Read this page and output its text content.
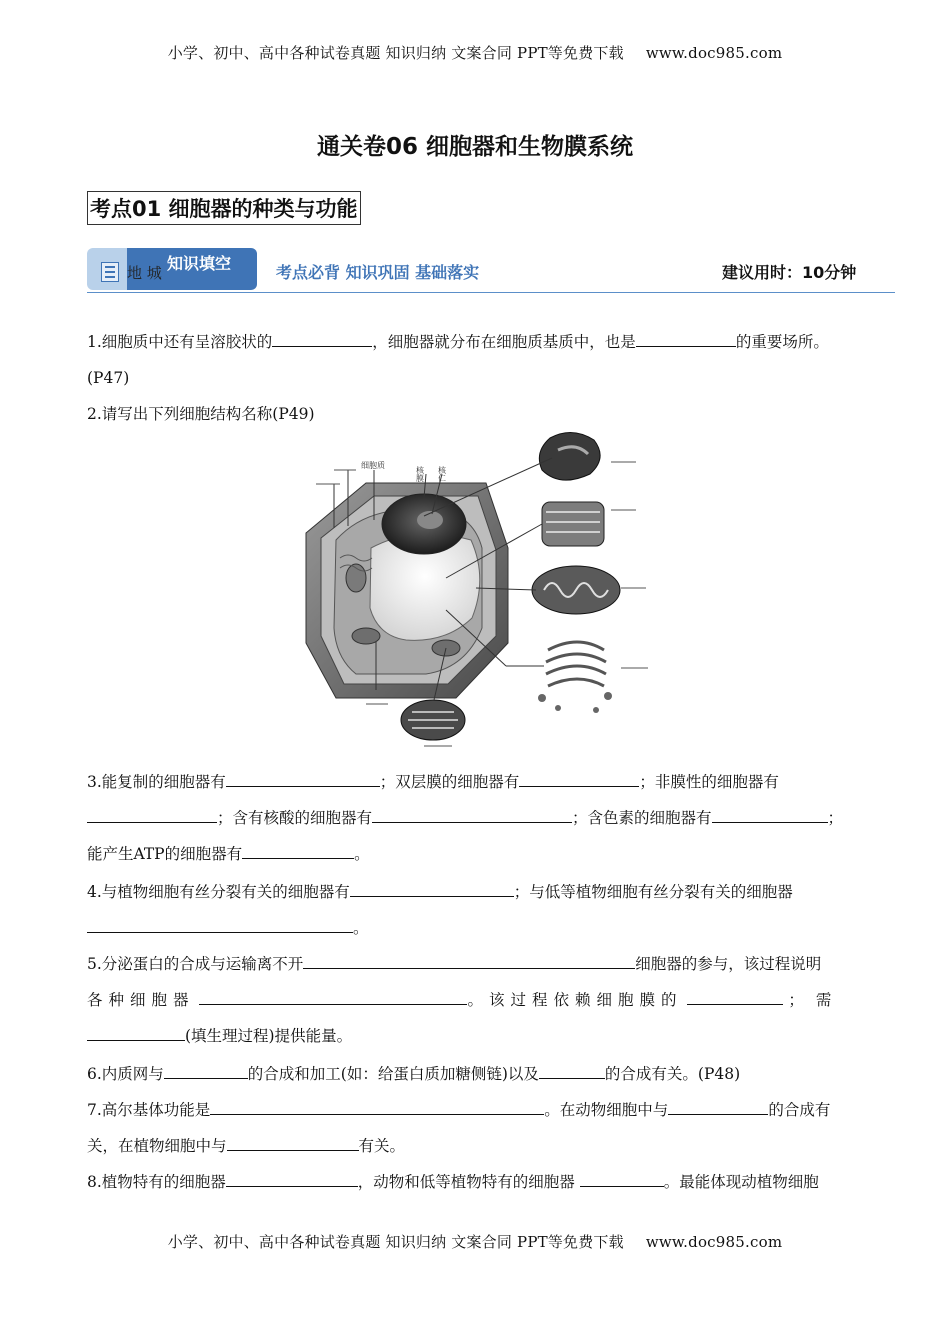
小学、初中、高中各种试卷真题 知识归纳 文案合同 PPT等免费下载 www.doc985.com
通关卷06 细胞器和生物膜系统
考点01 细胞器的种类与功能
知识填空
地 城	考点必背 知识巩固 基础落实	建议用时：10分钟
1.细胞质中还有呈溶胶状的	，细胞器就分布在细胞质基质中，也是	的重要场所。
(P47)
2.请写出下列细胞结构名称(P49)
细胞质
核膜 核仁
3.能复制的细胞器有	；双层膜的细胞器有	；非膜性的细胞器有
；含有核酸的细胞器有	；含色素的细胞器有	；
能产生ATP的细胞器有	。
4.与植物细胞有丝分裂有关的细胞器有	；与低等植物细胞有丝分裂有关的细胞器
。
5.分泌蛋白的合成与运输离不开	细胞器的参与，该过程说明
各种细胞器	。该过程依赖细胞膜的	；需
(填生理过程)提供能量。
6.内质网与	的合成和加工(如：给蛋白质加糖侧链)以及	的合成有关。(P48)
7.高尔基体功能是	。在动物细胞中与	的合成有
关，在植物细胞中与	有关。
8.植物特有的细胞器	，动物和低等植物特有的细胞器	。最能体现动植物细胞
小学、初中、高中各种试卷真题 知识归纳 文案合同 PPT等免费下载 www.doc985.com
